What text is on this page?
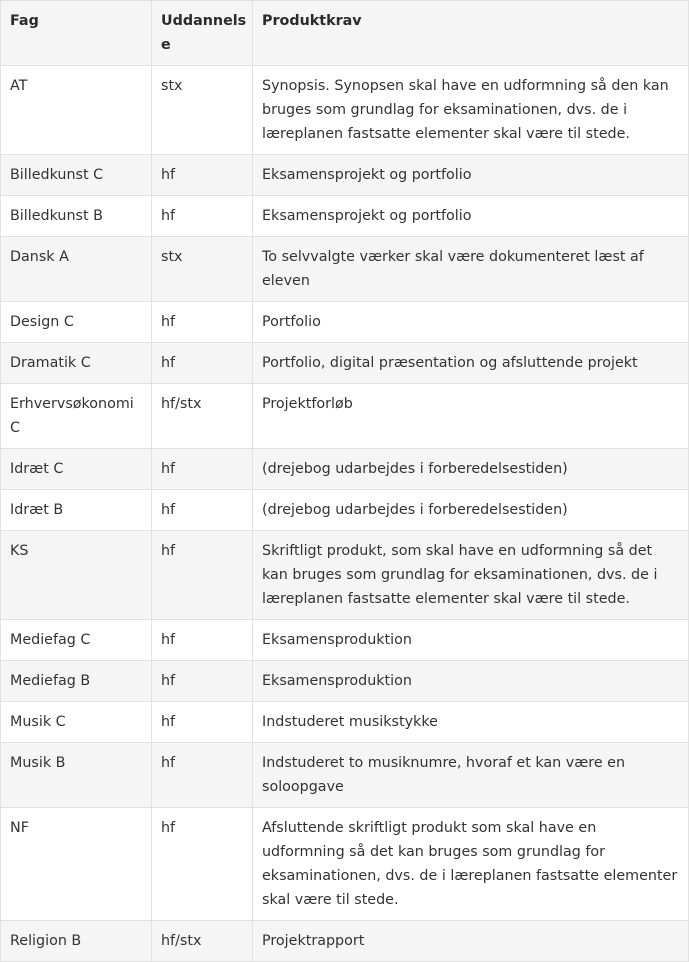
Fag	Uddannelse	Produktkrav
AT	stx	Synopsis. Synopsen skal have en udformning så den kan bruges som grundlag for eksaminationen, dvs. de i læreplanen fastsatte elementer skal være til stede.
Billedkunst C	hf	Eksamensprojekt og portfolio
Billedkunst B	hf	Eksamensprojekt og portfolio
Dansk A	stx	To selvvalgte værker skal være dokumenteret læst af eleven
Design C	hf	Portfolio
Dramatik C	hf	Portfolio, digital præsentation og afsluttende projekt
Erhvervsøkonomi C	hf/stx	Projektforløb
Idræt C	hf	(drejebog udarbejdes i forberedelsestiden)
Idræt B	hf	(drejebog udarbejdes i forberedelsestiden)
KS	hf	Skriftligt produkt, som skal have en udformning så det kan bruges som grundlag for eksaminationen, dvs. de i læreplanen fastsatte elementer skal være til stede.
Mediefag C	hf	Eksamensproduktion
Mediefag B	hf	Eksamensproduktion
Musik C	hf	Indstuderet musikstykke
Musik B	hf	Indstuderet to musiknumre, hvoraf et kan være en soloopgave
NF	hf	Afsluttende skriftligt produkt som skal have en udformning så det kan bruges som grundlag for eksaminationen, dvs. de i læreplanen fastsatte elementer skal være til stede.
Religion B	hf/stx	Projektrapport
